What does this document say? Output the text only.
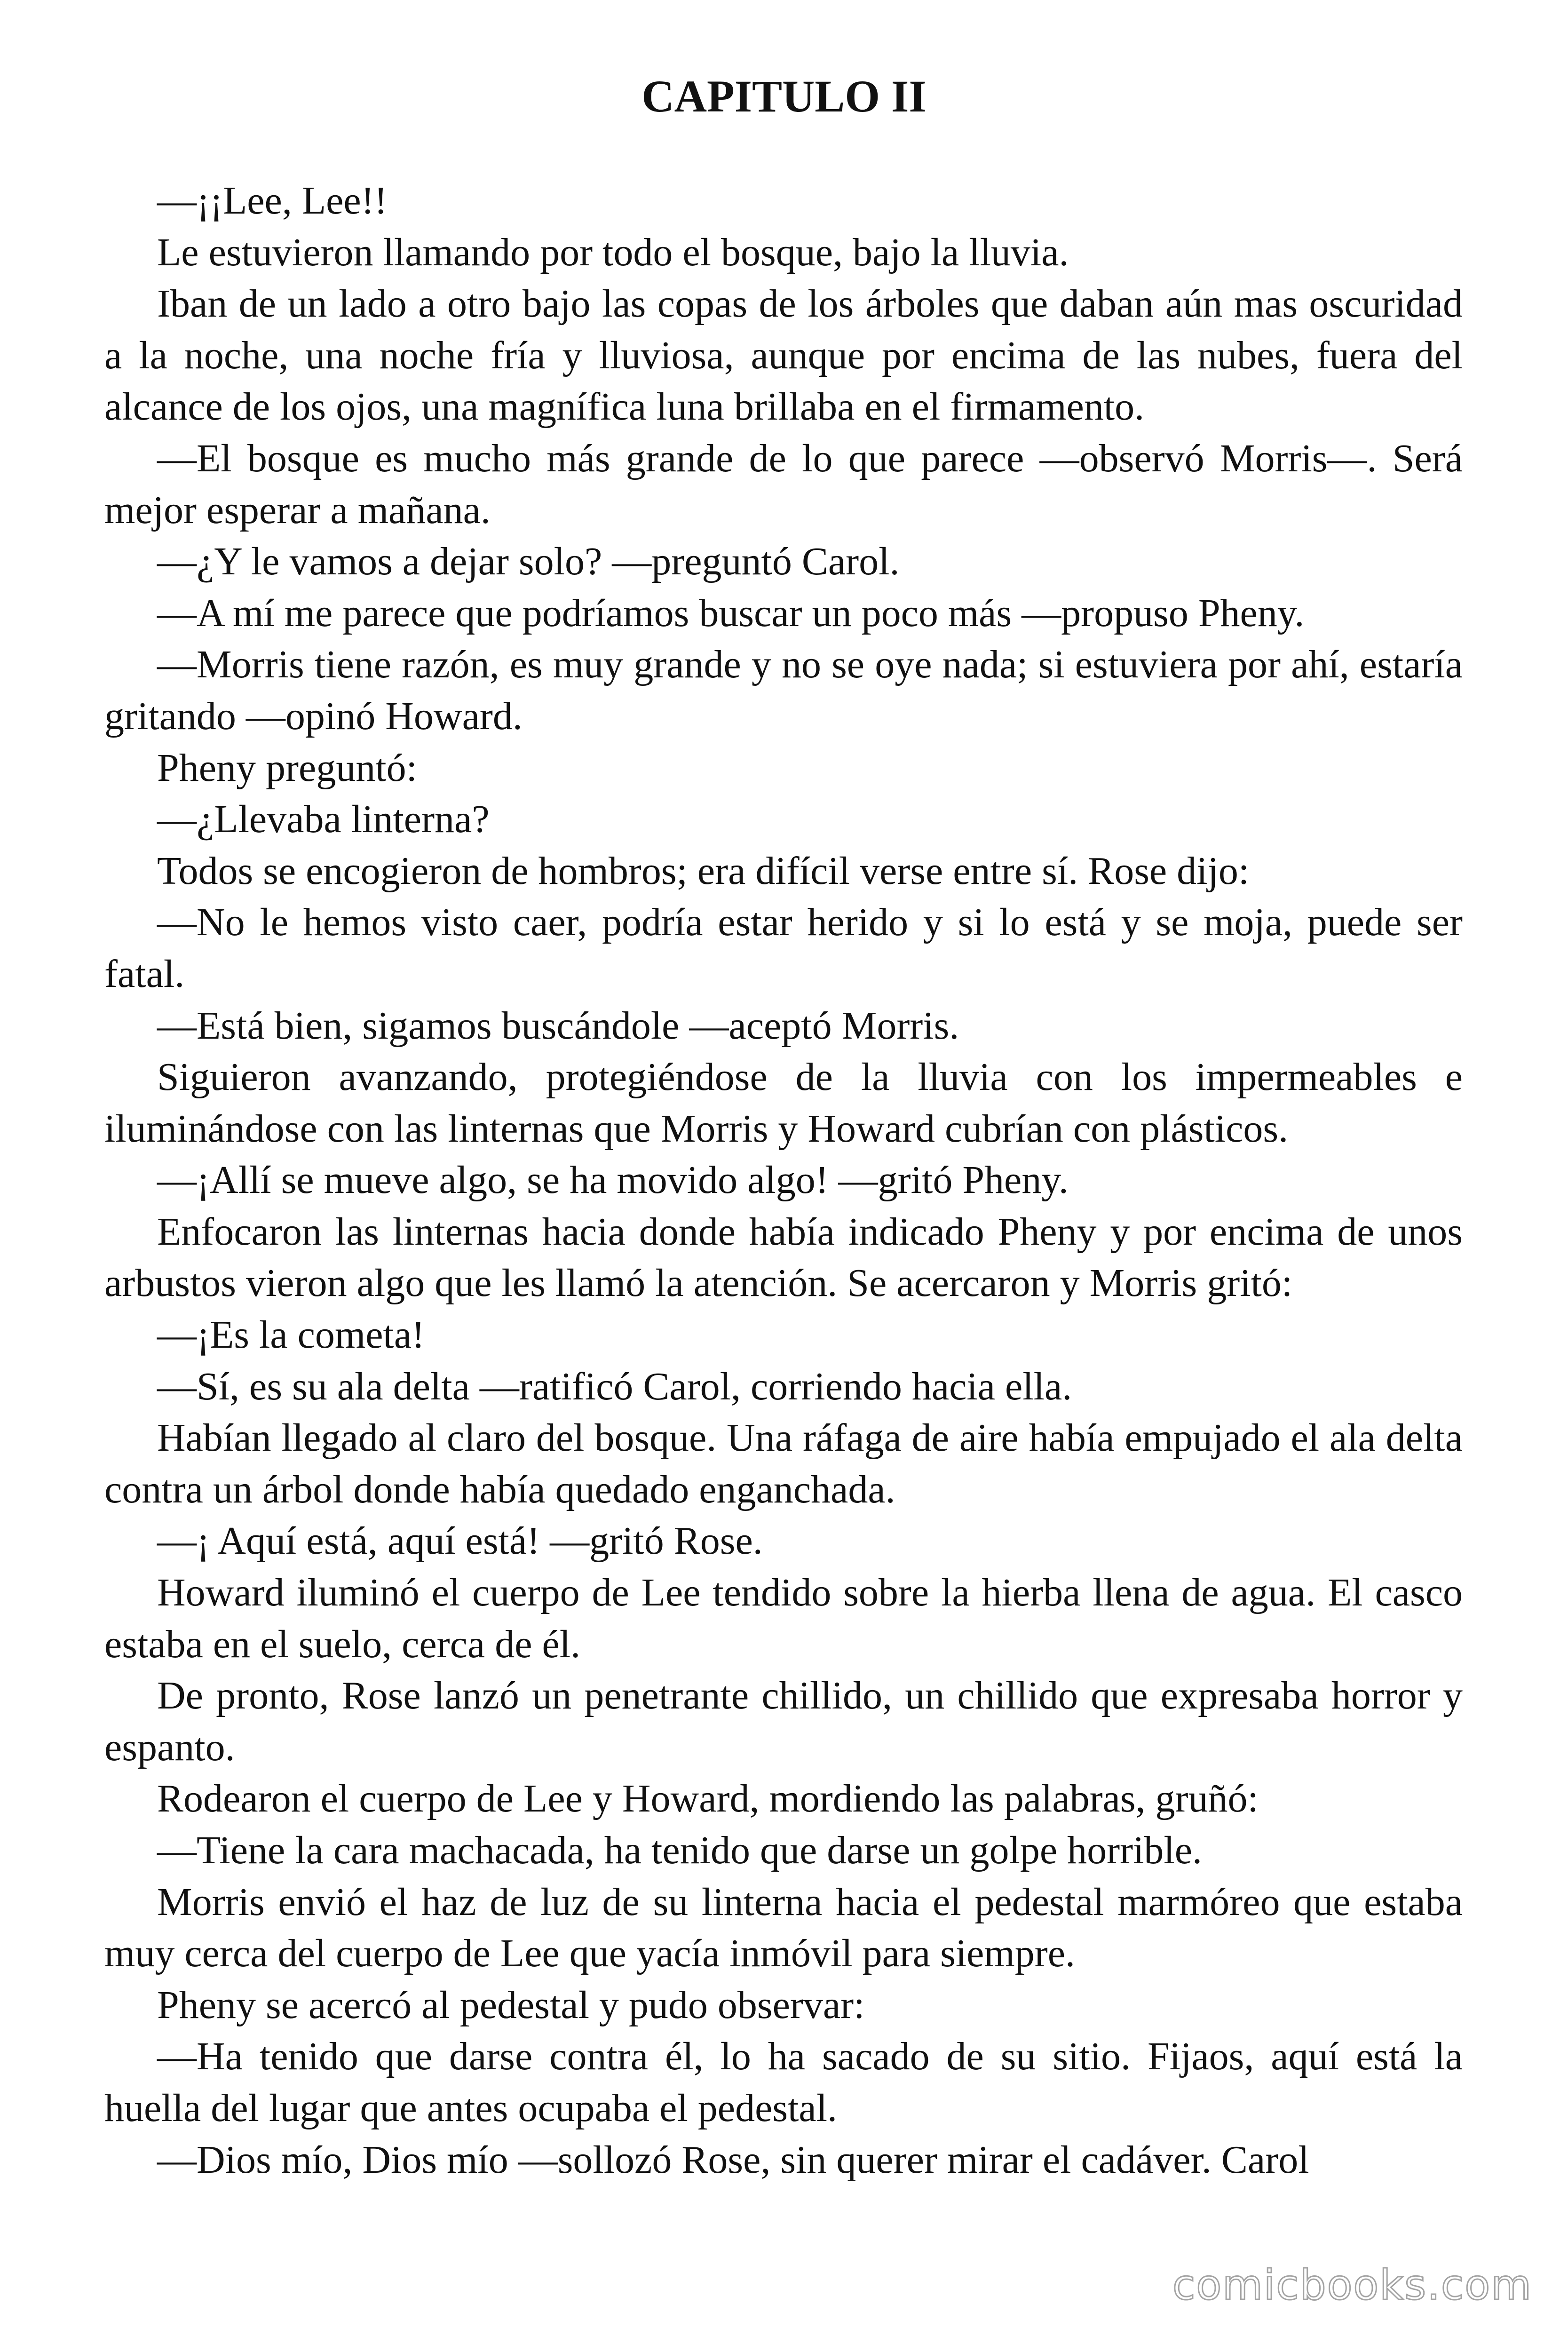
CAPITULO II

—¡¡Lee, Lee!!

Le estuvieron llamando por todo el bosque, bajo la lluvia.

Iban de un lado a otro bajo las copas de los árboles que daban aún mas oscuridad a la noche, una noche fría y lluviosa, aunque por encima de las nubes, fuera del alcance de los ojos, una magnífica luna brillaba en el firmamento.

—El bosque es mucho más grande de lo que parece —observó Morris—. Será mejor esperar a mañana.

—¿Y le vamos a dejar solo? —preguntó Carol.

—A mí me parece que podríamos buscar un poco más —propuso Pheny.

—Morris tiene razón, es muy grande y no se oye nada; si estuviera por ahí, estaría gritando —opinó Howard.

Pheny preguntó:

—¿Llevaba linterna?

Todos se encogieron de hombros; era difícil verse entre sí. Rose dijo:

—No le hemos visto caer, podría estar herido y si lo está y se moja, puede ser fatal.

—Está bien, sigamos buscándole —aceptó Morris.

Siguieron avanzando, protegiéndose de la lluvia con los impermeables e iluminándose con las linternas que Morris y Howard cubrían con plásticos.

—¡Allí se mueve algo, se ha movido algo! —gritó Pheny.

Enfocaron las linternas hacia donde había indicado Pheny y por encima de unos arbustos vieron algo que les llamó la atención. Se acercaron y Morris gritó:

—¡Es la cometa!

—Sí, es su ala delta —ratificó Carol, corriendo hacia ella.

Habían llegado al claro del bosque. Una ráfaga de aire había empujado el ala delta contra un árbol donde había quedado enganchada.

—¡ Aquí está, aquí está! —gritó Rose.

Howard iluminó el cuerpo de Lee tendido sobre la hierba llena de agua. El casco estaba en el suelo, cerca de él.

De pronto, Rose lanzó un penetrante chillido, un chillido que expresaba horror y espanto.

Rodearon el cuerpo de Lee y Howard, mordiendo las palabras, gruñó:

—Tiene la cara machacada, ha tenido que darse un golpe horrible.

Morris envió el haz de luz de su linterna hacia el pedestal marmóreo que estaba muy cerca del cuerpo de Lee que yacía inmóvil para siempre.

Pheny se acercó al pedestal y pudo observar:

—Ha tenido que darse contra él, lo ha sacado de su sitio. Fijaos, aquí está la huella del lugar que antes ocupaba el pedestal.

—Dios mío, Dios mío —sollozó Rose, sin querer mirar el cadáver. Carol

comicbooks.com
